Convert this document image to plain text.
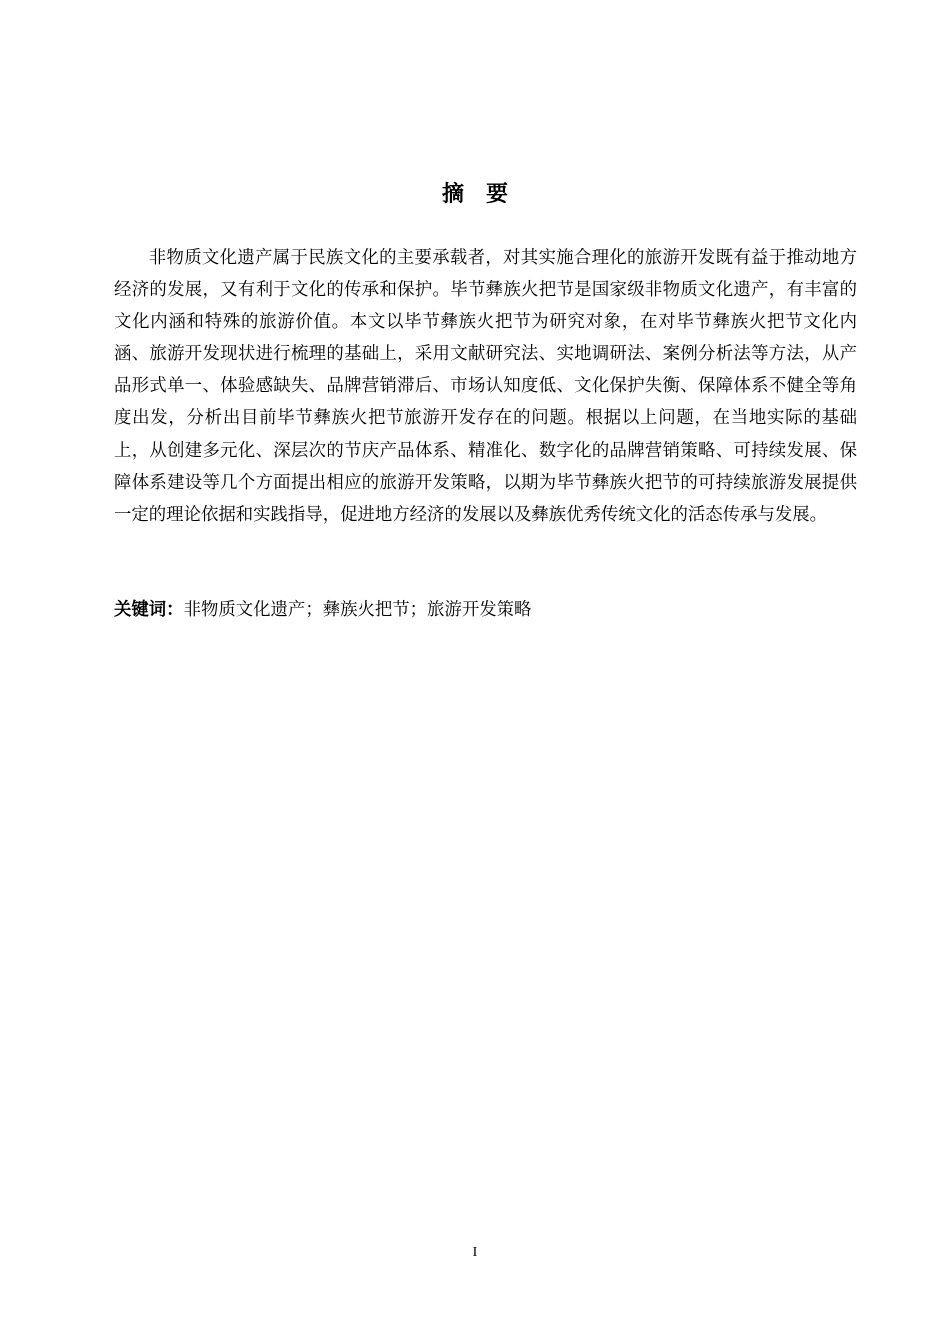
摘 要

非物质文化遗产属于民族文化的主要承载者，对其实施合理化的旅游开发既有益于推动地方经济的发展，又有利于文化的传承和保护。毕节彝族火把节是国家级非物质文化遗产，有丰富的文化内涵和特殊的旅游价值。本文以毕节彝族火把节为研究对象，在对毕节彝族火把节文化内涵、旅游开发现状进行梳理的基础上，采用文献研究法、实地调研法、案例分析法等方法，从产品形式单一、体验感缺失、品牌营销滞后、市场认知度低、文化保护失衡、保障体系不健全等角度出发，分析出目前毕节彝族火把节旅游开发存在的问题。根据以上问题，在当地实际的基础上，从创建多元化、深层次的节庆产品体系、精准化、数字化的品牌营销策略、可持续发展、保障体系建设等几个方面提出相应的旅游开发策略，以期为毕节彝族火把节的可持续旅游发展提供一定的理论依据和实践指导，促进地方经济的发展以及彝族优秀传统文化的活态传承与发展。

关键词：非物质文化遗产；彝族火把节；旅游开发策略
I
